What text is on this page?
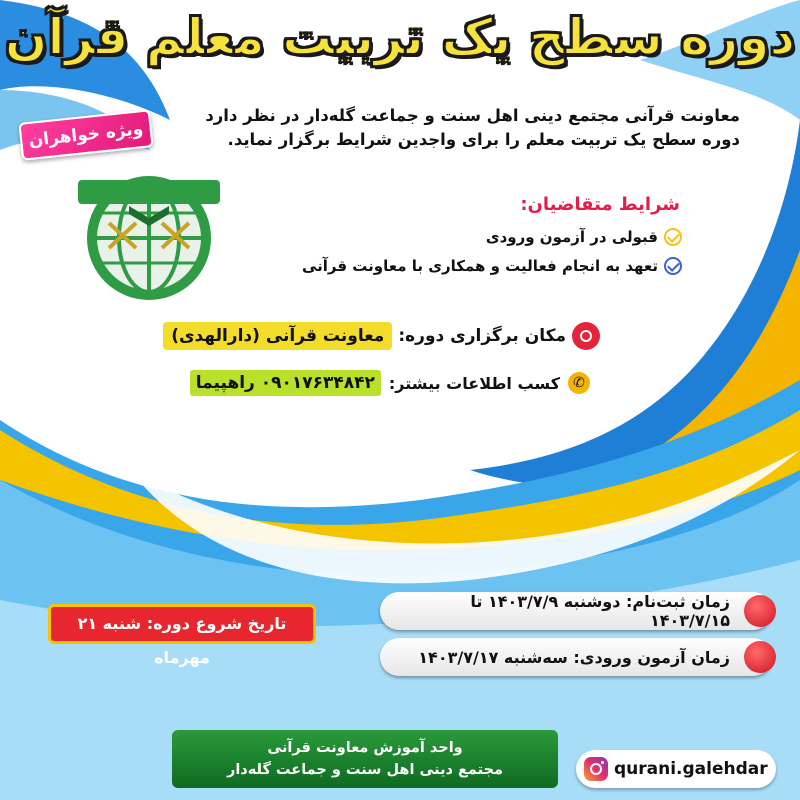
دوره سطح یک تربیت معلم قرآن
ویژه خواهران
معاونت قرآنی مجتمع دینی اهل سنت و جماعت گله‌دار در نظر دارد
دوره سطح یک تربیت معلم را برای واجدین شرایط برگزار نماید.
شرایط متقاضیان:
قبولی در آزمون ورودی
تعهد به انجام فعالیت و همکاری با معاونت قرآنی
مکان برگزاری دوره:
معاونت قرآنی (دارالهدی)
✆
کسب اطلاعات بیشتر:
۰۹۰۱۷۶۳۴۸۴۲ راهپیما
تاریخ شروع دوره: شنبه ۲۱ مهرماه
زمان ثبت‌نام: دوشنبه ۱۴۰۳/۷/۹ تا ۱۴۰۳/۷/۱۵
زمان آزمون ورودی: سه‌شنبه ۱۴۰۳/۷/۱۷
واحد آموزش معاونت قرآنی
مجتمع دینی اهل سنت و جماعت گله‌دار	qurani.galehdar
